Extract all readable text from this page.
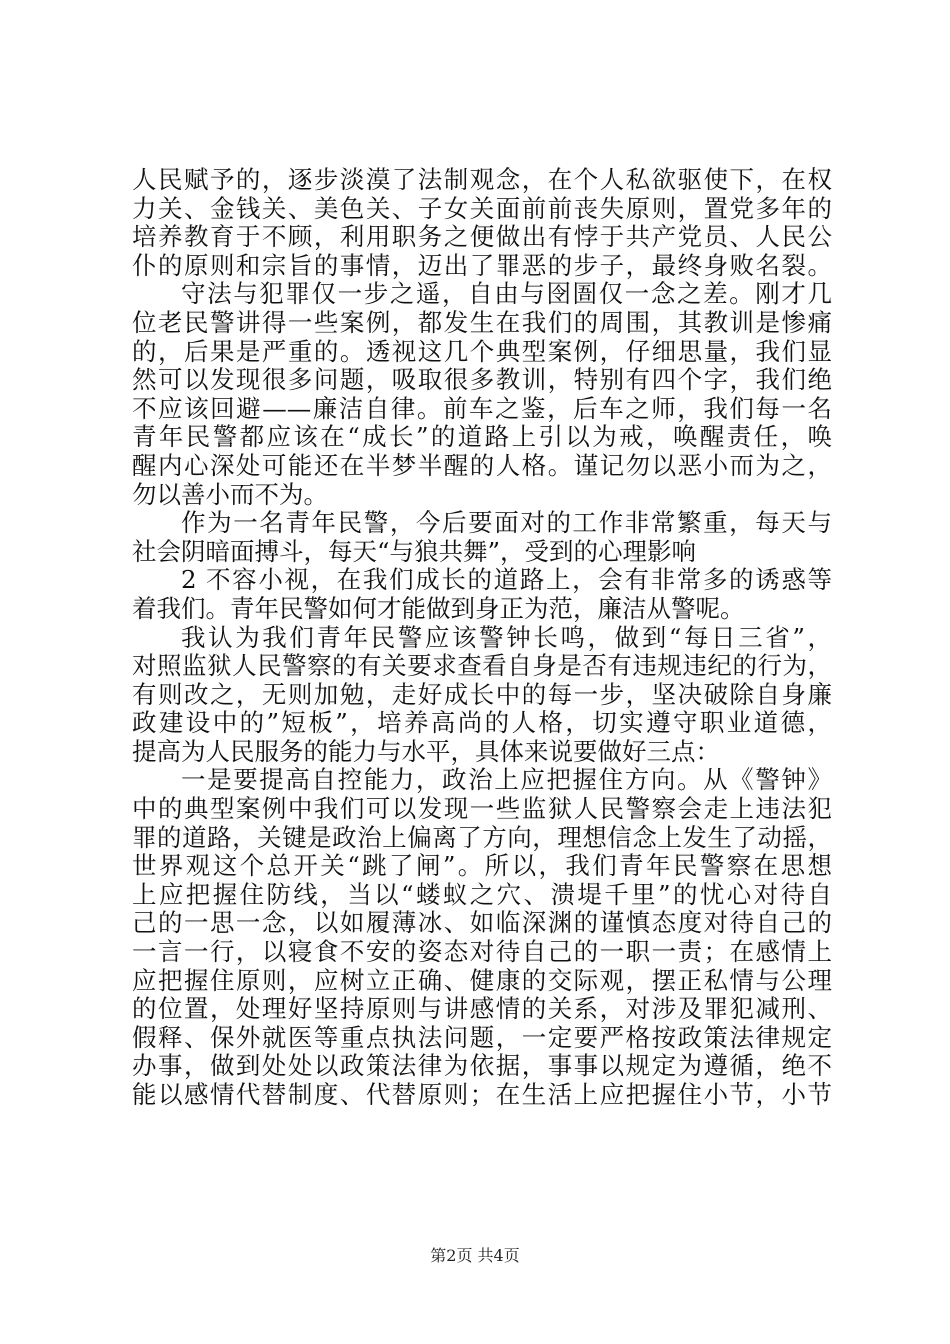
人民赋予的，逐步淡漠了法制观念，在个人私欲驱使下，在权
力关、金钱关、美色关、子女关面前前丧失原则，置党多年的
培养教育于不顾，利用职务之便做出有悖于共产党员、人民公
仆的原则和宗旨的事情，迈出了罪恶的步子，最终身败名裂。
守法与犯罪仅一步之遥，自由与囹圄仅一念之差。刚才几
位老民警讲得一些案例，都发生在我们的周围，其教训是惨痛
的，后果是严重的。透视这几个典型案例，仔细思量，我们显
然可以发现很多问题，吸取很多教训，特别有四个字，我们绝
不应该回避——廉洁自律。前车之鉴，后车之师，我们每一名
青年民警都应该在“成长”的道路上引以为戒，唤醒责任，唤
醒内心深处可能还在半梦半醒的人格。谨记勿以恶小而为之，
勿以善小而不为。
作为一名青年民警，今后要面对的工作非常繁重，每天与
社会阴暗面搏斗，每天“与狼共舞”，受到的心理影响
2 不容小视，在我们成长的道路上，会有非常多的诱惑等
着我们。青年民警如何才能做到身正为范，廉洁从警呢。
我认为我们青年民警应该警钟长鸣，做到“每日三省”，
对照监狱人民警察的有关要求查看自身是否有违规违纪的行为，
有则改之，无则加勉，走好成长中的每一步，坚决破除自身廉
政建设中的”短板”，培养高尚的人格，切实遵守职业道德，
提高为人民服务的能力与水平，具体来说要做好三点：
一是要提高自控能力，政治上应把握住方向。从《警钟》
中的典型案例中我们可以发现一些监狱人民警察会走上违法犯
罪的道路，关键是政治上偏离了方向，理想信念上发生了动摇，
世界观这个总开关“跳了闸”。所以，我们青年民警察在思想
上应把握住防线，当以“蝼蚁之穴、溃堤千里”的忧心对待自
己的一思一念，以如履薄冰、如临深渊的谨慎态度对待自己的
一言一行，以寝食不安的姿态对待自己的一职一责；在感情上
应把握住原则，应树立正确、健康的交际观，摆正私情与公理
的位置，处理好坚持原则与讲感情的关系，对涉及罪犯减刑、
假释、保外就医等重点执法问题，一定要严格按政策法律规定
办事，做到处处以政策法律为依据，事事以规定为遵循，绝不
能以感情代替制度、代替原则；在生活上应把握住小节，小节
第2页 共4页
